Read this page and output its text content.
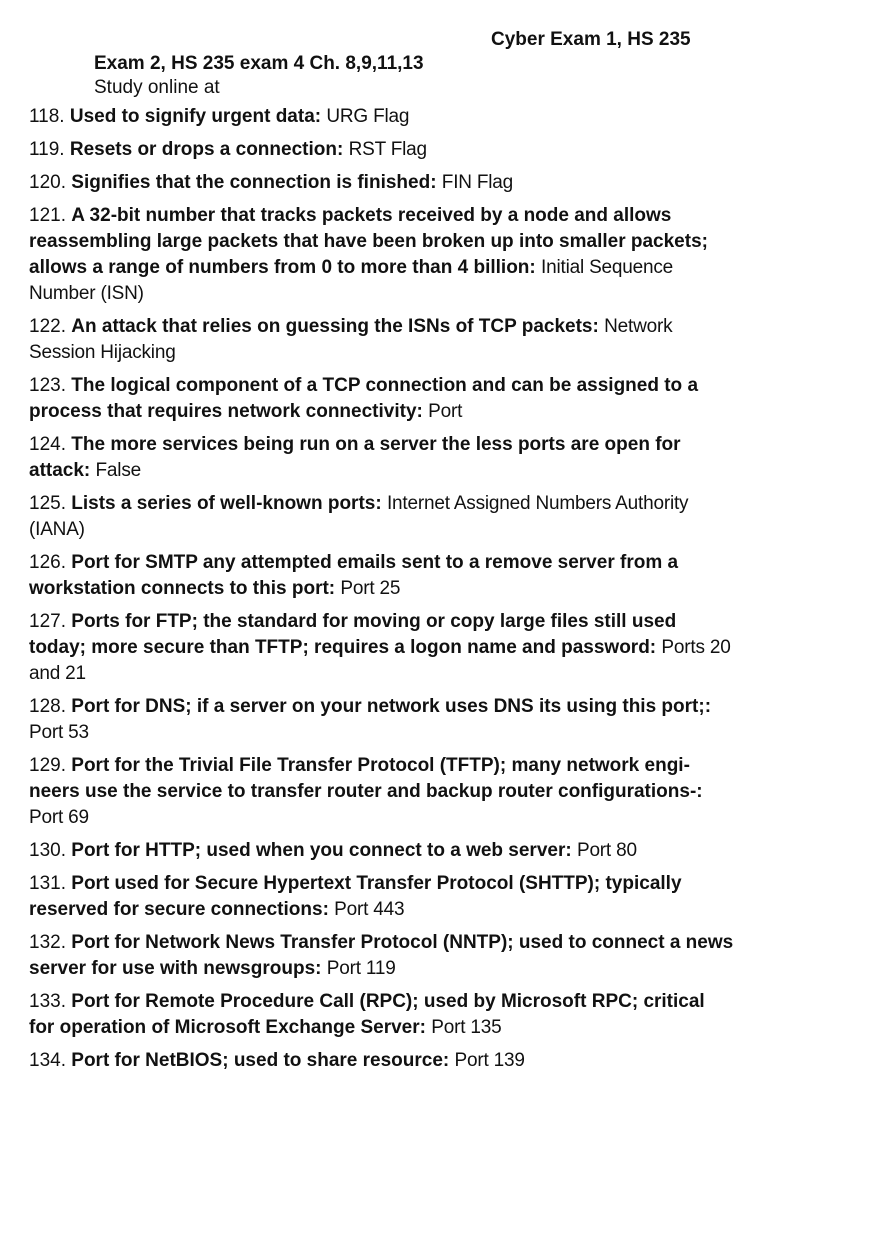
Cyber Exam 1, HS 235
Exam 2, HS 235 exam 4 Ch. 8,9,11,13
Study online at
118. Used to signify urgent data: URG Flag
119. Resets or drops a connection: RST Flag
120. Signifies that the connection is finished: FIN Flag
121. A 32-bit number that tracks packets received by a node and allows reassembling large packets that have been broken up into smaller packets; allows a range of numbers from 0 to more than 4 billion: Initial Sequence Number (ISN)
122. An attack that relies on guessing the ISNs of TCP packets: Network Session Hijacking
123. The logical component of a TCP connection and can be assigned to a process that requires network connectivity: Port
124. The more services being run on a server the less ports are open for attack: False
125. Lists a series of well-known ports: Internet Assigned Numbers Authority (IANA)
126. Port for SMTP any attempted emails sent to a remove server from a workstation connects to this port: Port 25
127. Ports for FTP; the standard for moving or copy large files still used today; more secure than TFTP; requires a logon name and password: Ports 20 and 21
128. Port for DNS; if a server on your network uses DNS its using this port;: Port 53
129. Port for the Trivial File Transfer Protocol (TFTP); many network engi-neers use the service to transfer router and backup router configurations-: Port 69
130. Port for HTTP; used when you connect to a web server: Port 80
131. Port used for Secure Hypertext Transfer Protocol (SHTTP); typically reserved for secure connections: Port 443
132. Port for Network News Transfer Protocol (NNTP); used to connect a news server for use with newsgroups: Port 119
133. Port for Remote Procedure Call (RPC); used by Microsoft RPC; critical for operation of Microsoft Exchange Server: Port 135
134. Port for NetBIOS; used to share resource: Port 139
